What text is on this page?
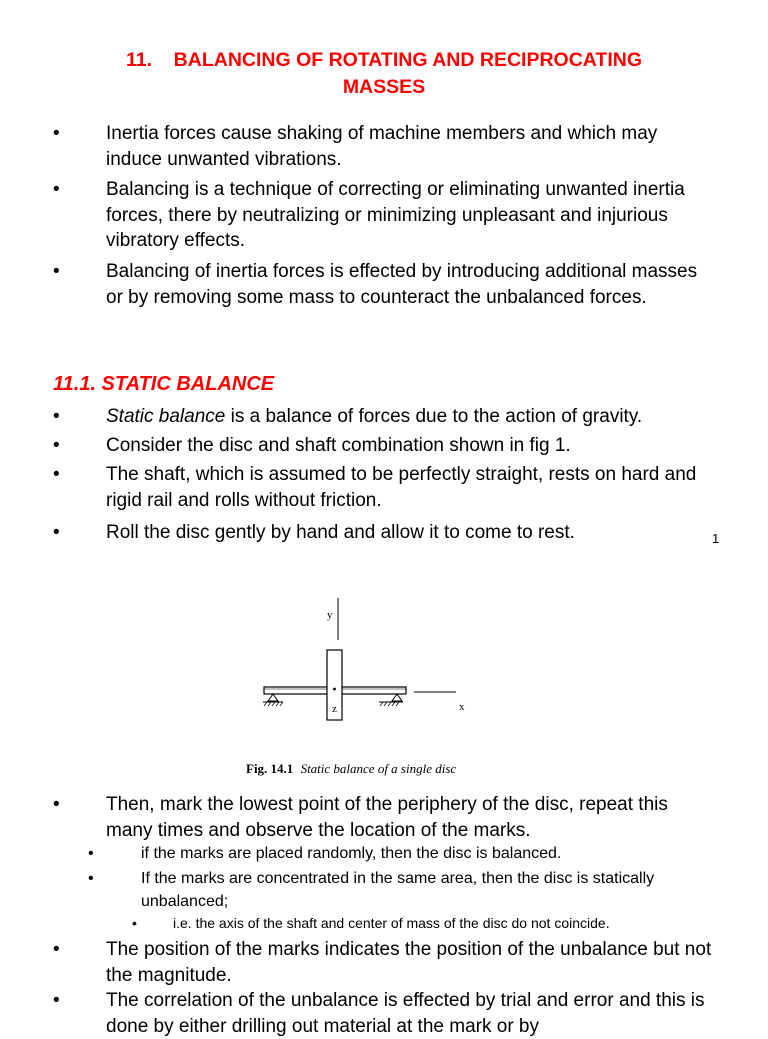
11.    BALANCING OF ROTATING AND RECIPROCATING
MASSES
• Inertia forces cause shaking of machine members and which may induce unwanted vibrations.
• Balancing is a technique of correcting or eliminating unwanted inertia forces, there by neutralizing or minimizing unpleasant and injurious vibratory effects.
• Balancing of inertia forces is effected by introducing additional masses or by removing some mass to counteract the unbalanced forces.
11.1. STATIC BALANCE
• Static balance is a balance of forces due to the action of gravity.
• Consider the disc and shaft combination shown in fig 1.
• The shaft, which is assumed to be perfectly straight, rests on hard and rigid rail and rolls without friction.
• Roll the disc gently by hand and allow it to come to rest.	1
y
z	x
Fig. 14.1 Static balance of a single disc
• Then, mark the lowest point of the periphery of the disc, repeat this many times and observe the location of the marks.
•	if the marks are placed randomly, then the disc is balanced.
•	If the marks are concentrated in the same area, then the disc is statically unbalanced;
•	i.e. the axis of the shaft and center of mass of the disc do not coincide.
• The position of the marks indicates the position of the unbalance but not the magnitude.
• The correlation of the unbalance is effected by trial and error and this is done by either drilling out material at the mark or by
